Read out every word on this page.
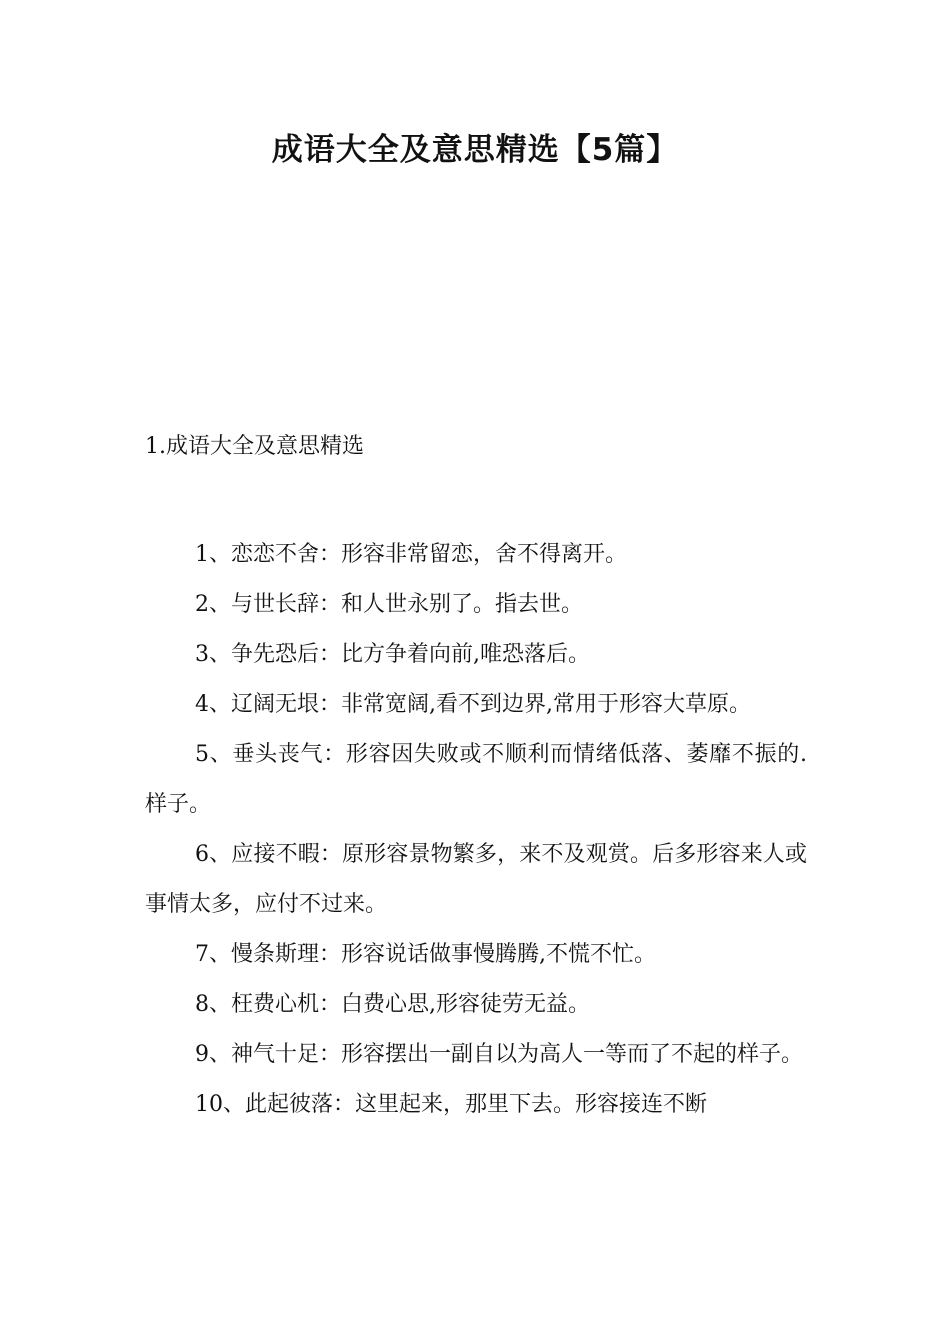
成语大全及意思精选【5篇】

1.成语大全及意思精选

1、恋恋不舍：形容非常留恋，舍不得离开。
2、与世长辞：和人世永别了。指去世。
3、争先恐后：比方争着向前,唯恐落后。
4、辽阔无垠：非常宽阔,看不到边界,常用于形容大草原。
5、垂头丧气：形容因失败或不顺利而情绪低落、萎靡不振的.样子。
6、应接不暇：原形容景物繁多，来不及观赏。后多形容来人或事情太多，应付不过来。
7、慢条斯理：形容说话做事慢腾腾,不慌不忙。
8、枉费心机：白费心思,形容徒劳无益。
9、神气十足：形容摆出一副自以为高人一等而了不起的样子。
10、此起彼落：这里起来，那里下去。形容接连不断
